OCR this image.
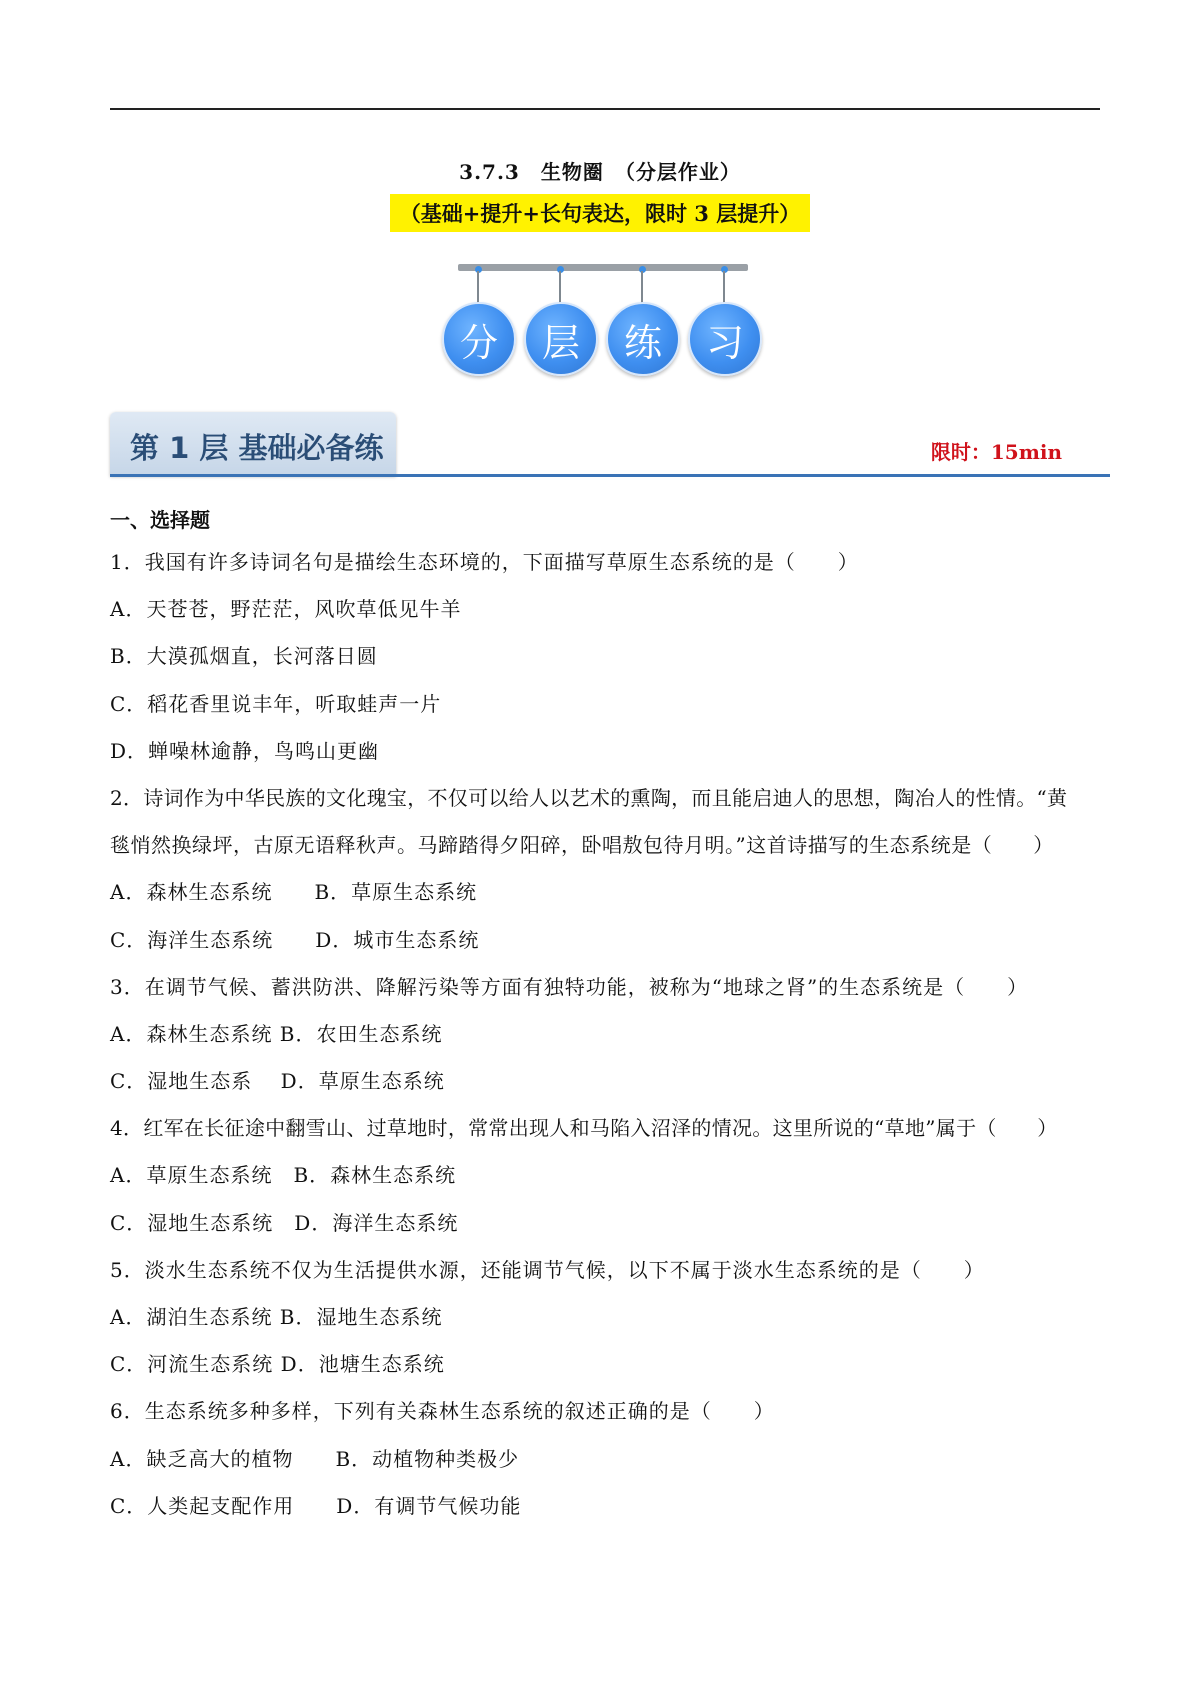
3.7.3　生物圈　（分层作业）
（基础+提升+长句表达，限时 3 层提升）
分	层	练	习
第 1 层 基础必备练	限时：15min
一、选择题
1．我国有许多诗词名句是描绘生态环境的，下面描写草原生态系统的是（　　）
A．天苍苍，野茫茫，风吹草低见牛羊
B．大漠孤烟直，长河落日圆
C．稻花香里说丰年，听取蛙声一片
D．蝉噪林逾静，鸟鸣山更幽
2．诗词作为中华民族的文化瑰宝，不仅可以给人以艺术的熏陶，而且能启迪人的思想，陶冶人的性情。“黄
毯悄然换绿坪，古原无语释秋声。马蹄踏得夕阳碎，卧唱敖包待月明。”这首诗描写的生态系统是（　　）
A．森林生态系统　　B．草原生态系统
C．海洋生态系统　　D．城市生态系统
3．在调节气候、蓄洪防洪、降解污染等方面有独特功能，被称为“地球之肾”的生态系统是（　　）
A．森林生态系统 B．农田生态系统
C．湿地生态系　 D．草原生态系统
4．红军在长征途中翻雪山、过草地时，常常出现人和马陷入沼泽的情况。这里所说的“草地”属于（　　）
A．草原生态系统　B．森林生态系统
C．湿地生态系统　D．海洋生态系统
5．淡水生态系统不仅为生活提供水源，还能调节气候，以下不属于淡水生态系统的是（　　）
A．湖泊生态系统 B．湿地生态系统
C．河流生态系统 D．池塘生态系统
6．生态系统多种多样，下列有关森林生态系统的叙述正确的是（　　）
A．缺乏高大的植物　　B．动植物种类极少
C．人类起支配作用　　D．有调节气候功能
